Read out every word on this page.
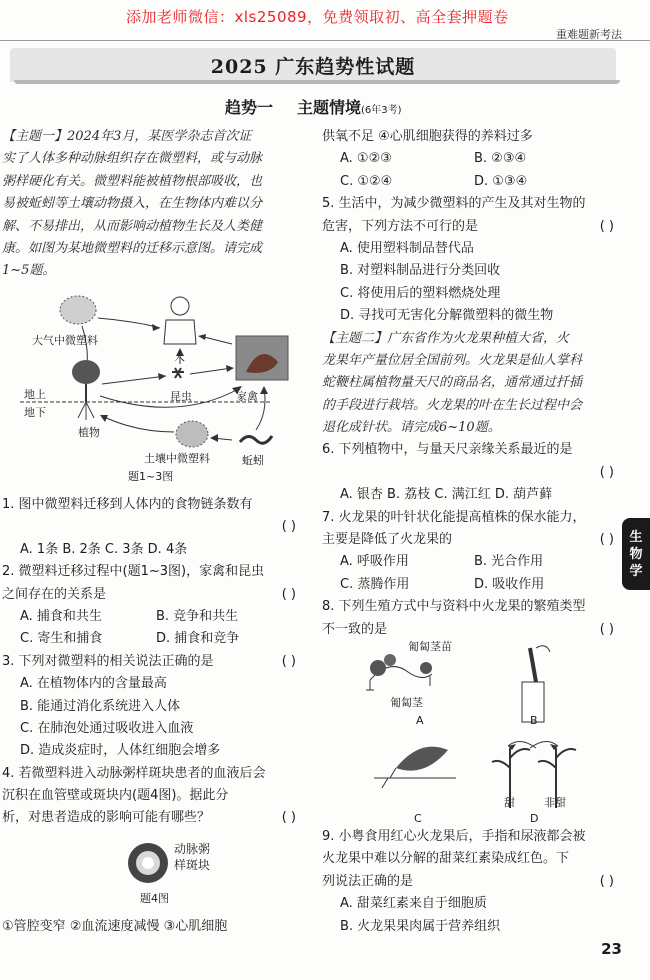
添加老师微信：xls25089，免费领取初、高全套押题卷
重难题新考法
2025 广东趋势性试题
趋势一 主题情境(6年3考)
【主题一】2024年3月，某医学杂志首次证
实了人体多种动脉组织存在微塑料，或与动脉
粥样硬化有关。微塑料能被植物根部吸收，也
易被蚯蚓等土壤动物摄入，在生物体内难以分
解、不易排出，从而影响动植物生长及人类健
康。如图为某地微塑料的迁移示意图。请完成
1~5题。
大气中微塑料
人
地上
地下
植物
昆虫	家禽
土壤中微塑料	蚯蚓
题1~3图
1. 图中微塑料迁移到人体内的食物链条数有
( )
A. 1条 B. 2条 C. 3条 D. 4条
2. 微塑料迁移过程中(题1~3图)，家禽和昆虫
之间存在的关系是	( )
A. 捕食和共生	B. 竞争和共生
C. 寄生和捕食	D. 捕食和竞争
3. 下列对微塑料的相关说法正确的是	( )
A. 在植物体内的含量最高
B. 能通过消化系统进入人体
C. 在肺泡处通过吸收进入血液
D. 造成炎症时，人体红细胞会增多
4. 若微塑料进入动脉粥样斑块患者的血液后会
沉积在血管壁或斑块内(题4图)。据此分
析，对患者造成的影响可能有哪些？	( )
动脉粥
样斑块
题4图
①管腔变窄 ②血流速度减慢 ③心肌细胞
供氧不足 ④心肌细胞获得的养料过多
A. ①②③	B. ②③④
C. ①②④	D. ①③④
5. 生活中，为减少微塑料的产生及其对生物的
危害，下列方法不可行的是	( )
A. 使用塑料制品替代品
B. 对塑料制品进行分类回收
C. 将使用后的塑料燃烧处理
D. 寻找可无害化分解微塑料的微生物
【主题二】广东省作为火龙果种植大省，火
龙果年产量位居全国前列。火龙果是仙人掌科
蛇鞭柱属植物量天尺的商品名，通常通过扦插
的手段进行栽培。火龙果的叶在生长过程中会
退化成针状。请完成6~10题。
6. 下列植物中，与量天尺亲缘关系最近的是
( )
A. 银杏 B. 荔枝 C. 满江红 D. 葫芦藓
7. 火龙果的叶针状化能提高植株的保水能力，
主要是降低了火龙果的	( )
A. 呼吸作用	B. 光合作用
C. 蒸腾作用	D. 吸收作用
8. 下列生殖方式中与资料中火龙果的繁殖类型
不一致的是	( )
匍匐茎苗
匍匐茎
A	B
C	D
甜	非甜
9. 小粤食用红心火龙果后，手指和尿液都会被
火龙果中难以分解的甜菜红素染成红色。下
列说法正确的是	( )
A. 甜菜红素来自于细胞质
B. 火龙果果肉属于营养组织
生
物
学
23
